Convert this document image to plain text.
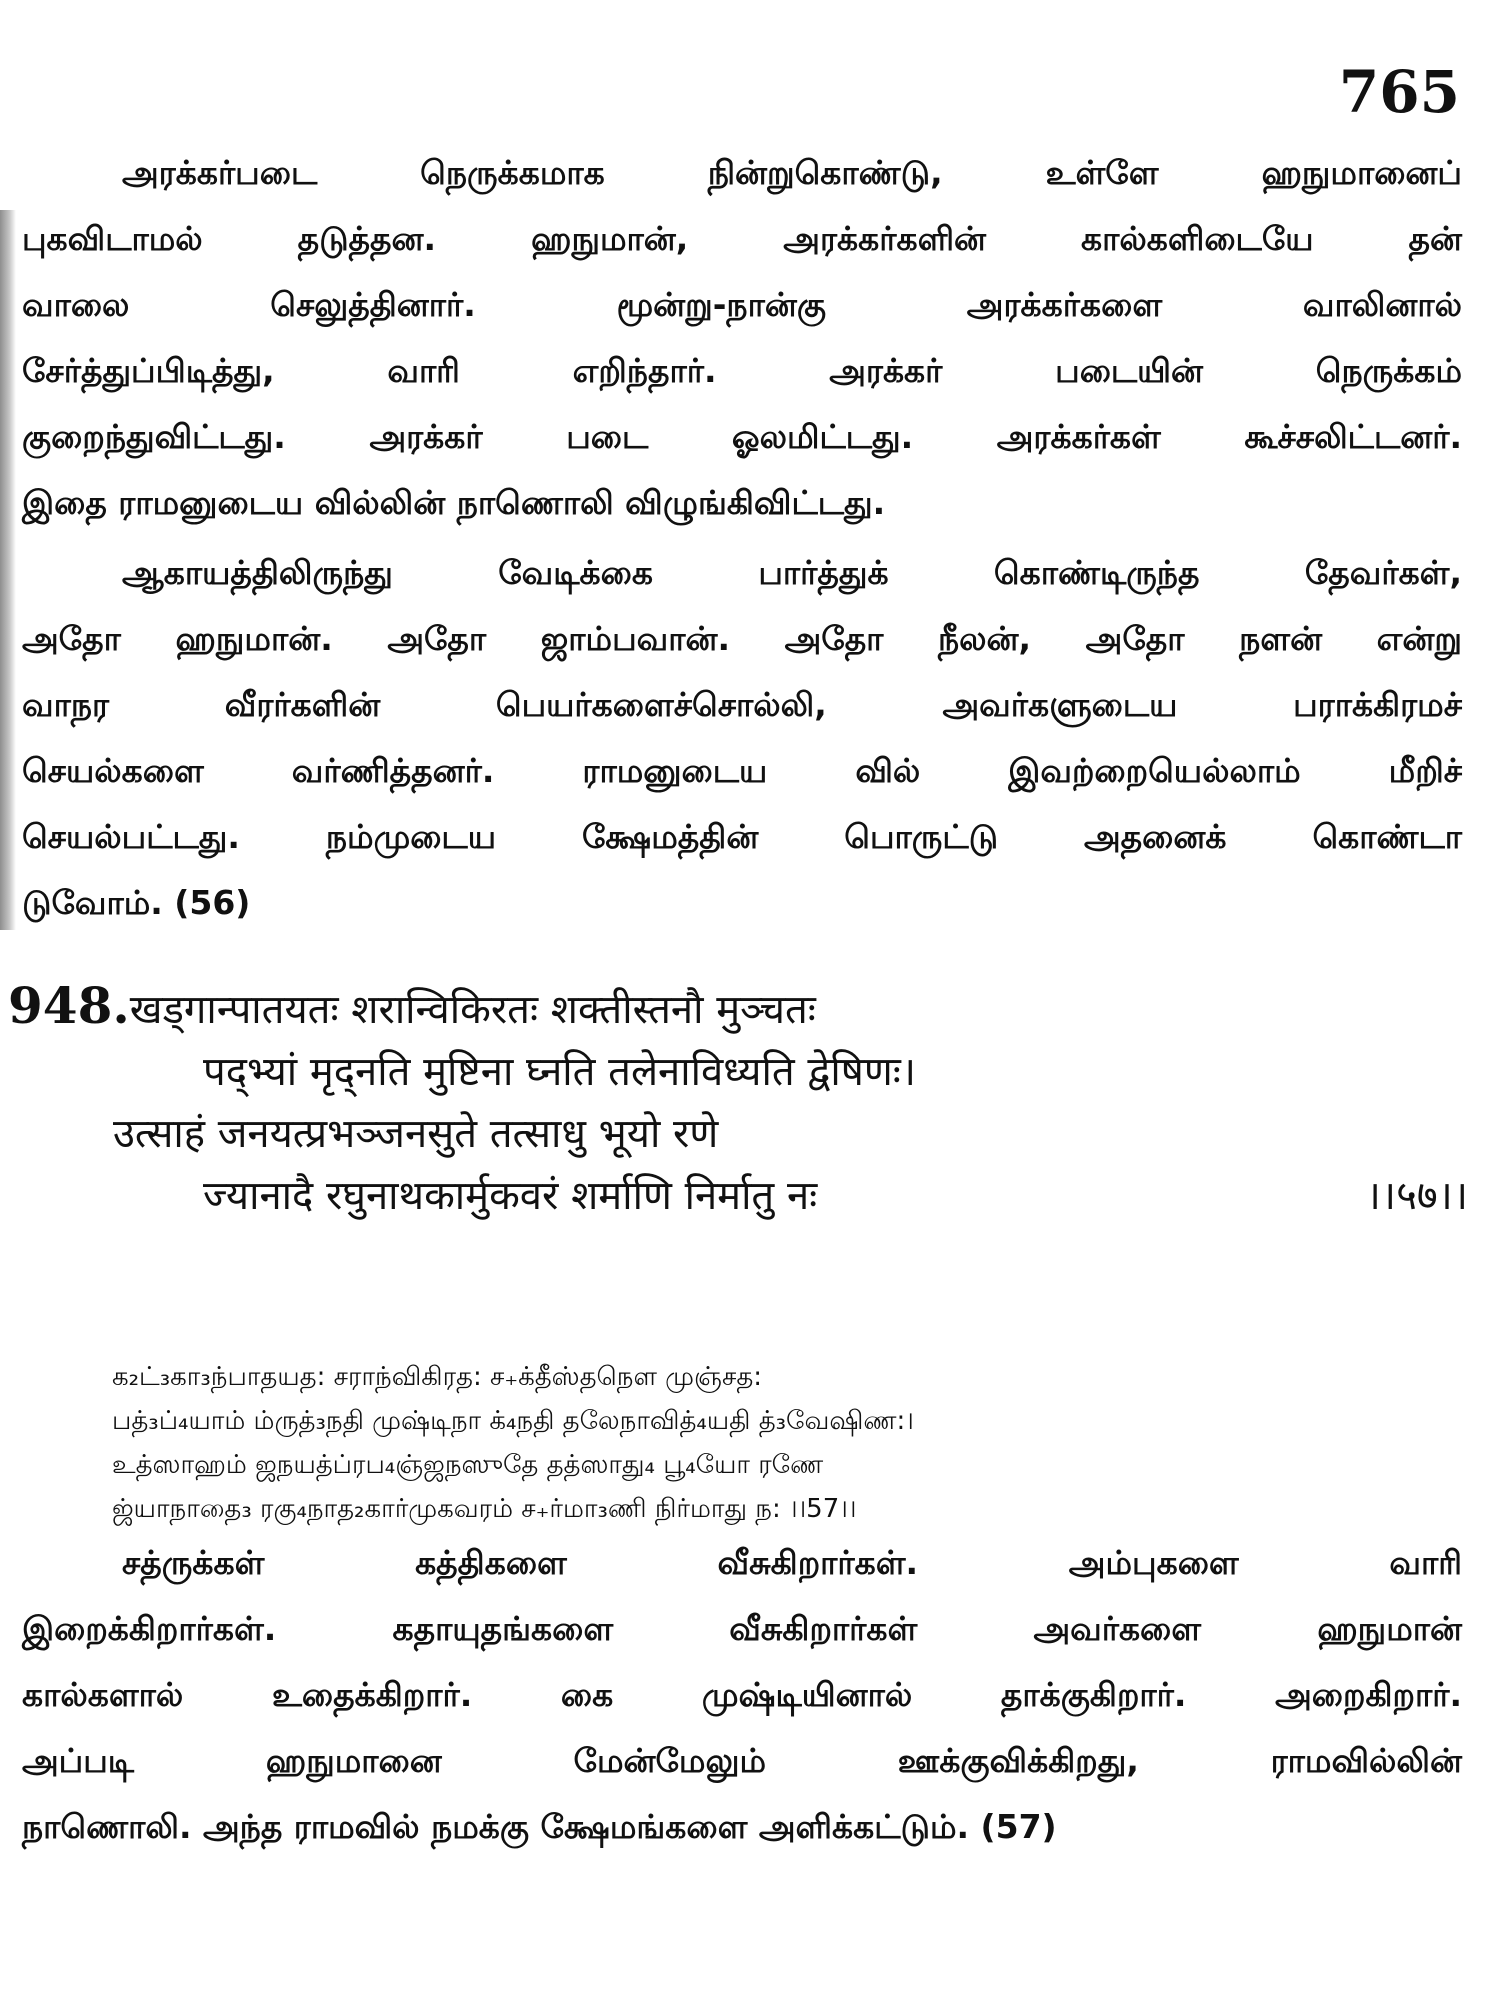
765

அரக்கர்படை நெருக்கமாக நின்றுகொண்டு, உள்ளே ஹநுமானைப்
புகவிடாமல் தடுத்தன. ஹநுமான், அரக்கர்களின் கால்களிடையே தன்
வாலை செலுத்தினார். மூன்று-நான்கு அரக்கர்களை வாலினால்
சேர்த்துப்பிடித்து, வாரி எறிந்தார். அரக்கர் படையின் நெருக்கம்
குறைந்துவிட்டது. அரக்கர் படை ஓலமிட்டது. அரக்கர்கள் கூச்சலிட்டனர்.
இதை ராமனுடைய வில்லின் நாணொலி விழுங்கிவிட்டது.
ஆகாயத்திலிருந்து வேடிக்கை பார்த்துக் கொண்டிருந்த தேவர்கள்,
அதோ ஹநுமான். அதோ ஜாம்பவான். அதோ நீலன், அதோ நளன் என்று
வாநர வீரர்களின் பெயர்களைச்சொல்லி, அவர்களுடைய பராக்கிரமச்
செயல்களை வர்ணித்தனர். ராமனுடைய வில் இவற்றையெல்லாம் மீறிச்
செயல்பட்டது. நம்முடைய க்ஷேமத்தின் பொருட்டு அதனைக் கொண்டா
டுவோம். (56)
948.खड्गान्पातयतः शरान्विकिरतः शक्तीस्तनौ मुञ्चतः
पद्भ्यां मृद्नति मुष्टिना घ्नति तलेनाविध्यति द्वेषिणः।
उत्साहं जनयत्प्रभञ्जनसुते तत्साधु भूयो रणे
ज्यानादै रघुनाथकार्मुकवरं शर्माणि निर्मातु नः	।।५७।।
க₂ட்₃கா₃ந்பாதயத: சராந்விகிரத: ச₊க்தீஸ்தநௌ முஞ்சத:
பத்₃ப்₄யாம் ம்ருத்₃நதி முஷ்டிநா க்₄நதி தலேநாவித்₄யதி த்₃வேஷிண:।
உத்ஸாஹம் ஜநயத்ப்ரப₄ஞ்ஜநஸுதே தத்ஸாது₄ பூ₄யோ ரணே
ஜ்யாநாதை₃ ரகு₄நாத₂கார்முகவரம் ச₊ர்மா₃ணி நிர்மாது ந: ।।57।।
சத்ருக்கள் கத்திகளை வீசுகிறார்கள். அம்புகளை வாரி
இறைக்கிறார்கள். கதாயுதங்களை வீசுகிறார்கள் அவர்களை ஹநுமான்
கால்களால் உதைக்கிறார். கை முஷ்டியினால் தாக்குகிறார். அறைகிறார்.
அப்படி ஹநுமானை மேன்மேலும் ஊக்குவிக்கிறது, ராமவில்லின்
நாணொலி. அந்த ராமவில் நமக்கு க்ஷேமங்களை அளிக்கட்டும். (57)
